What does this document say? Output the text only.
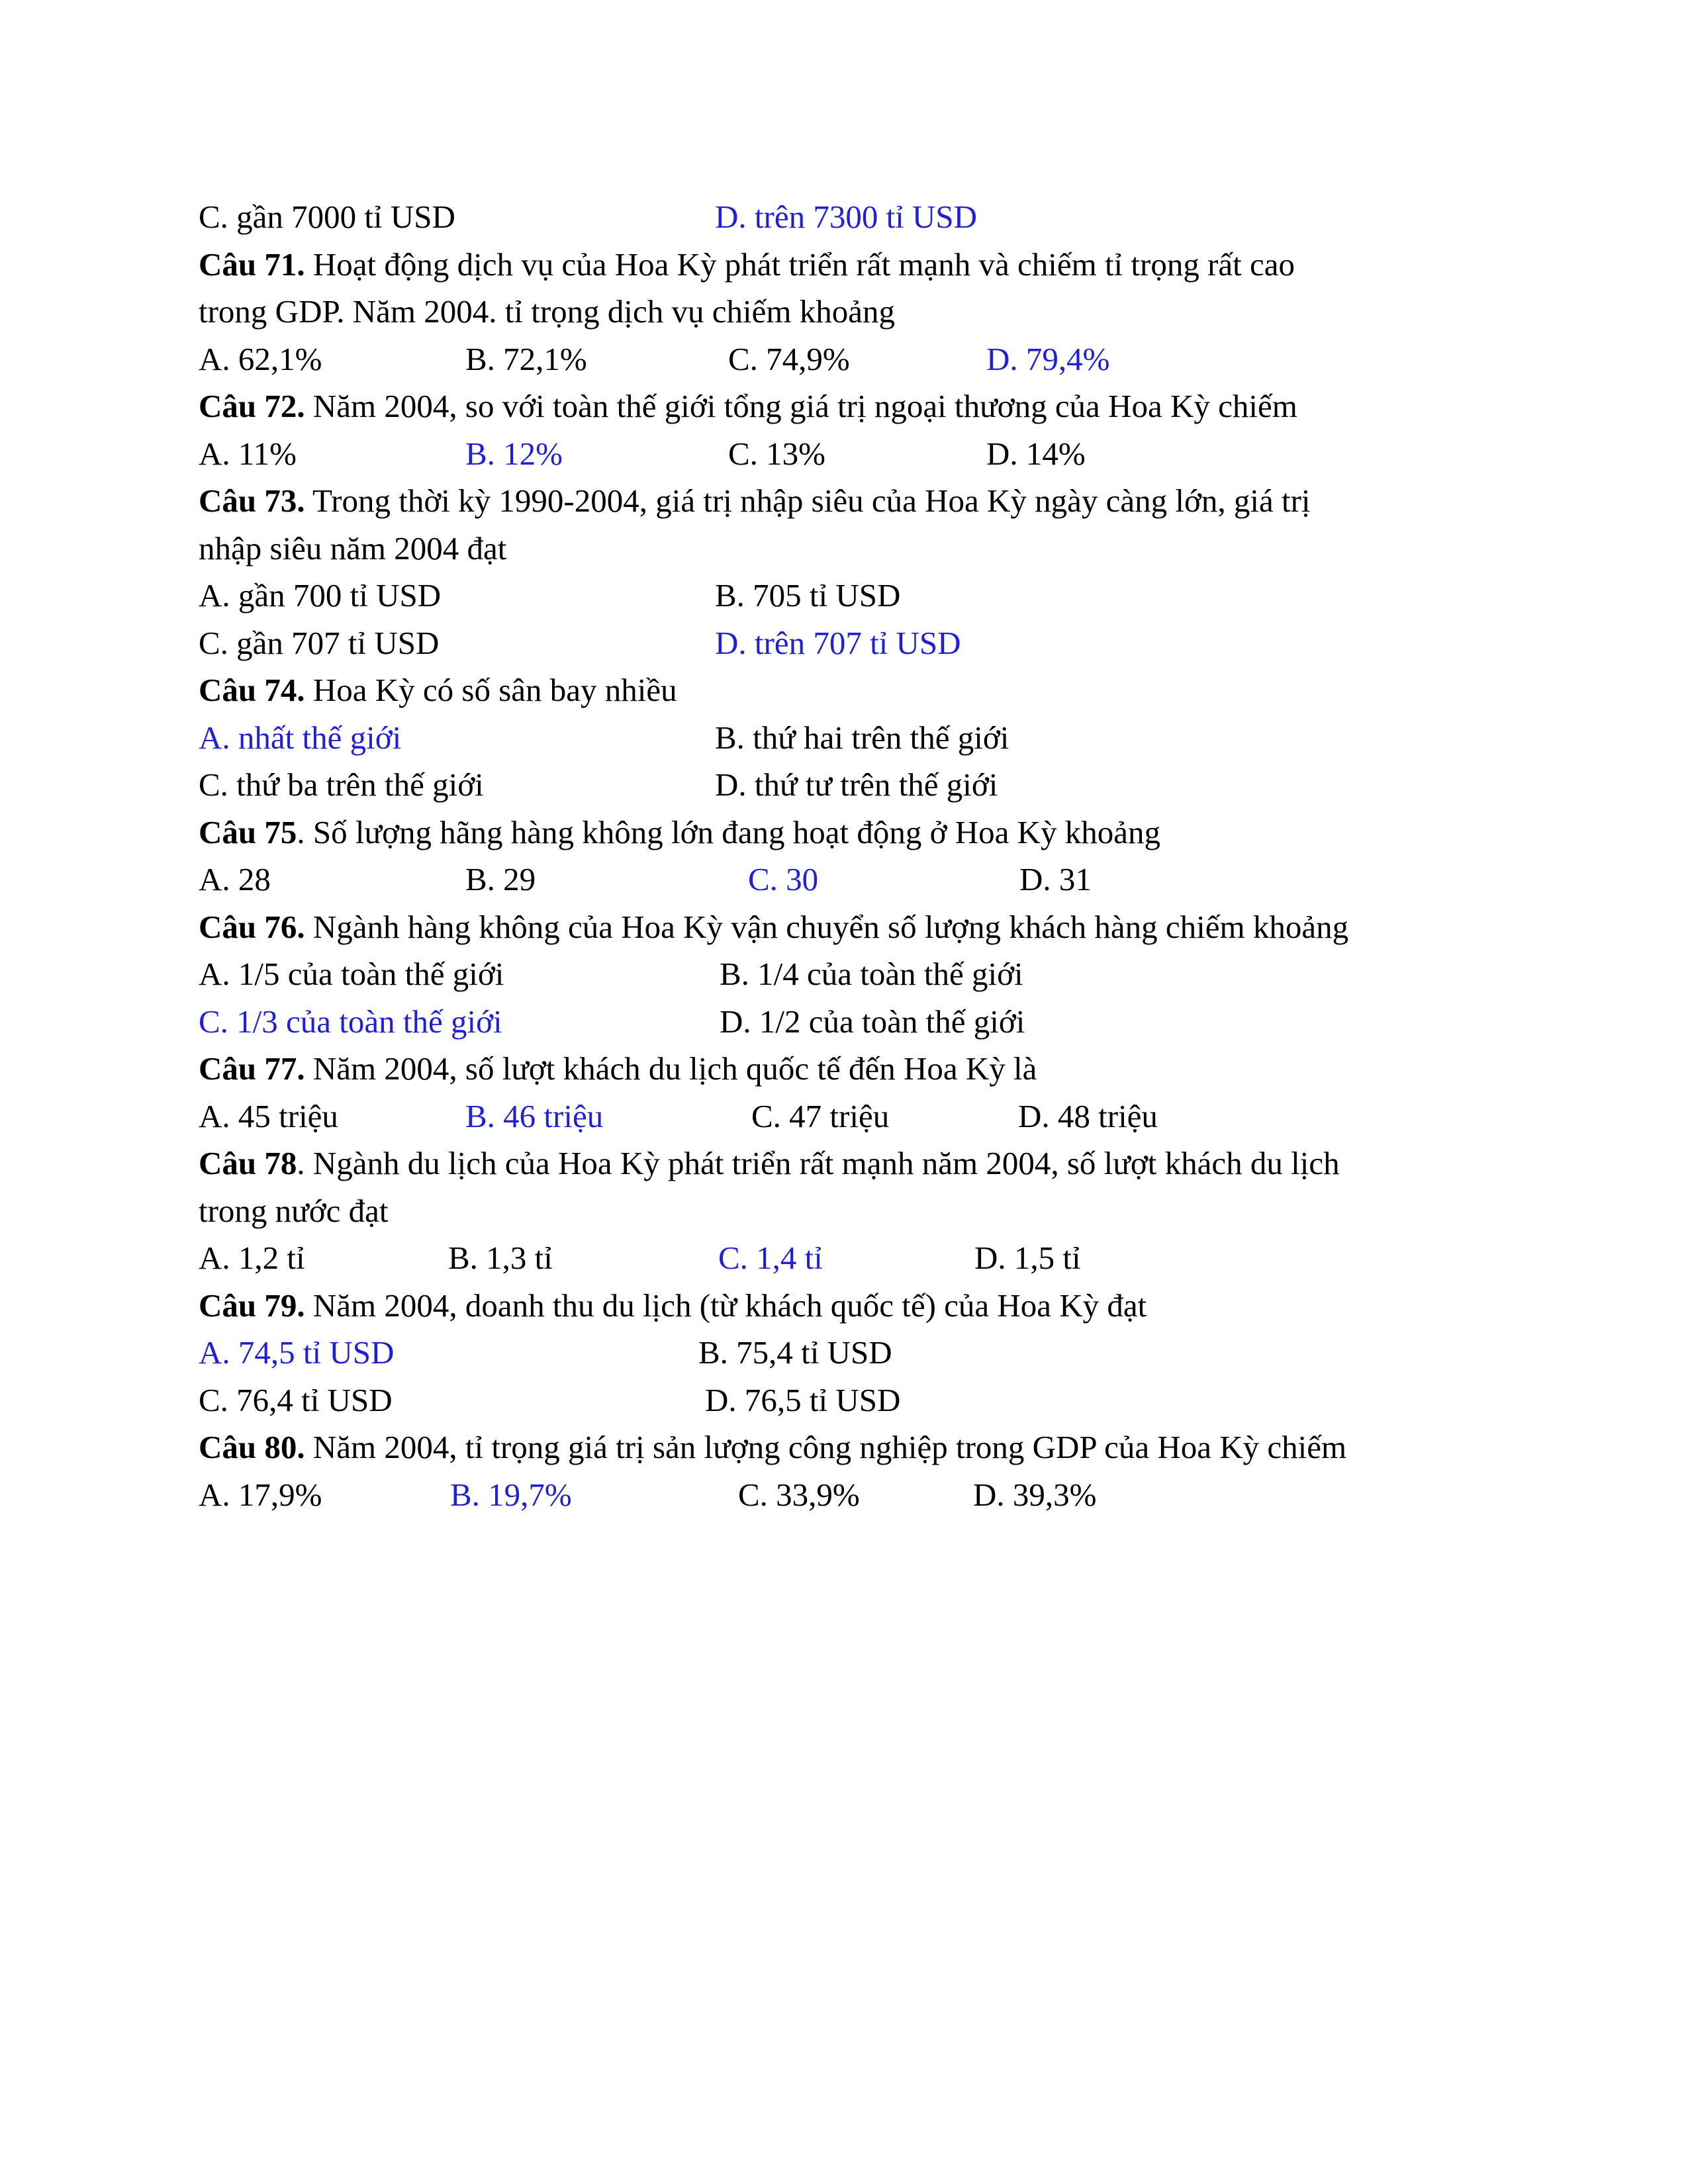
C. gần 7000 tỉ USD	D. trên 7300 tỉ USD
Câu 71. Hoạt động dịch vụ của Hoa Kỳ phát triển rất mạnh và chiếm tỉ trọng rất cao
trong GDP. Năm 2004. tỉ trọng dịch vụ chiếm khoảng
A. 62,1%	B. 72,1%	C. 74,9%	D. 79,4%
Câu 72. Năm 2004, so với toàn thế giới tổng giá trị ngoại thương của Hoa Kỳ chiếm
A. 11%	B. 12%	C. 13%	D. 14%
Câu 73. Trong thời kỳ 1990-2004, giá trị nhập siêu của Hoa Kỳ ngày càng lớn, giá trị
nhập siêu năm 2004 đạt
A. gần 700 tỉ USD	B. 705 tỉ USD
C. gần 707 tỉ USD	D. trên 707 tỉ USD
Câu 74. Hoa Kỳ có số sân bay nhiều
A. nhất thế giới	B. thứ hai trên thế giới
C. thứ ba trên thế giới	D. thứ tư trên thế giới
Câu 75. Số lượng hãng hàng không lớn đang hoạt động ở Hoa Kỳ khoảng
A. 28	B. 29	C. 30	D. 31
Câu 76. Ngành hàng không của Hoa Kỳ vận chuyển số lượng khách hàng chiếm khoảng
A. 1/5 của toàn thế giới	B. 1/4 của toàn thế giới
C. 1/3 của toàn thế giới	D. 1/2 của toàn thế giới
Câu 77. Năm 2004, số lượt khách du lịch quốc tế đến Hoa Kỳ là
A. 45 triệu	B. 46 triệu	C. 47 triệu	D. 48 triệu
Câu 78. Ngành du lịch của Hoa Kỳ phát triển rất mạnh năm 2004, số lượt khách du lịch
trong nước đạt
A. 1,2 tỉ	B. 1,3 tỉ	C. 1,4 tỉ	D. 1,5 tỉ
Câu 79. Năm 2004, doanh thu du lịch (từ khách quốc tế) của Hoa Kỳ đạt
A. 74,5 tỉ USD	B. 75,4 tỉ USD
C. 76,4 tỉ USD	D. 76,5 tỉ USD
Câu 80. Năm 2004, tỉ trọng giá trị sản lượng công nghiệp trong GDP của Hoa Kỳ chiếm
A. 17,9%	B. 19,7%	C. 33,9%	D. 39,3%
